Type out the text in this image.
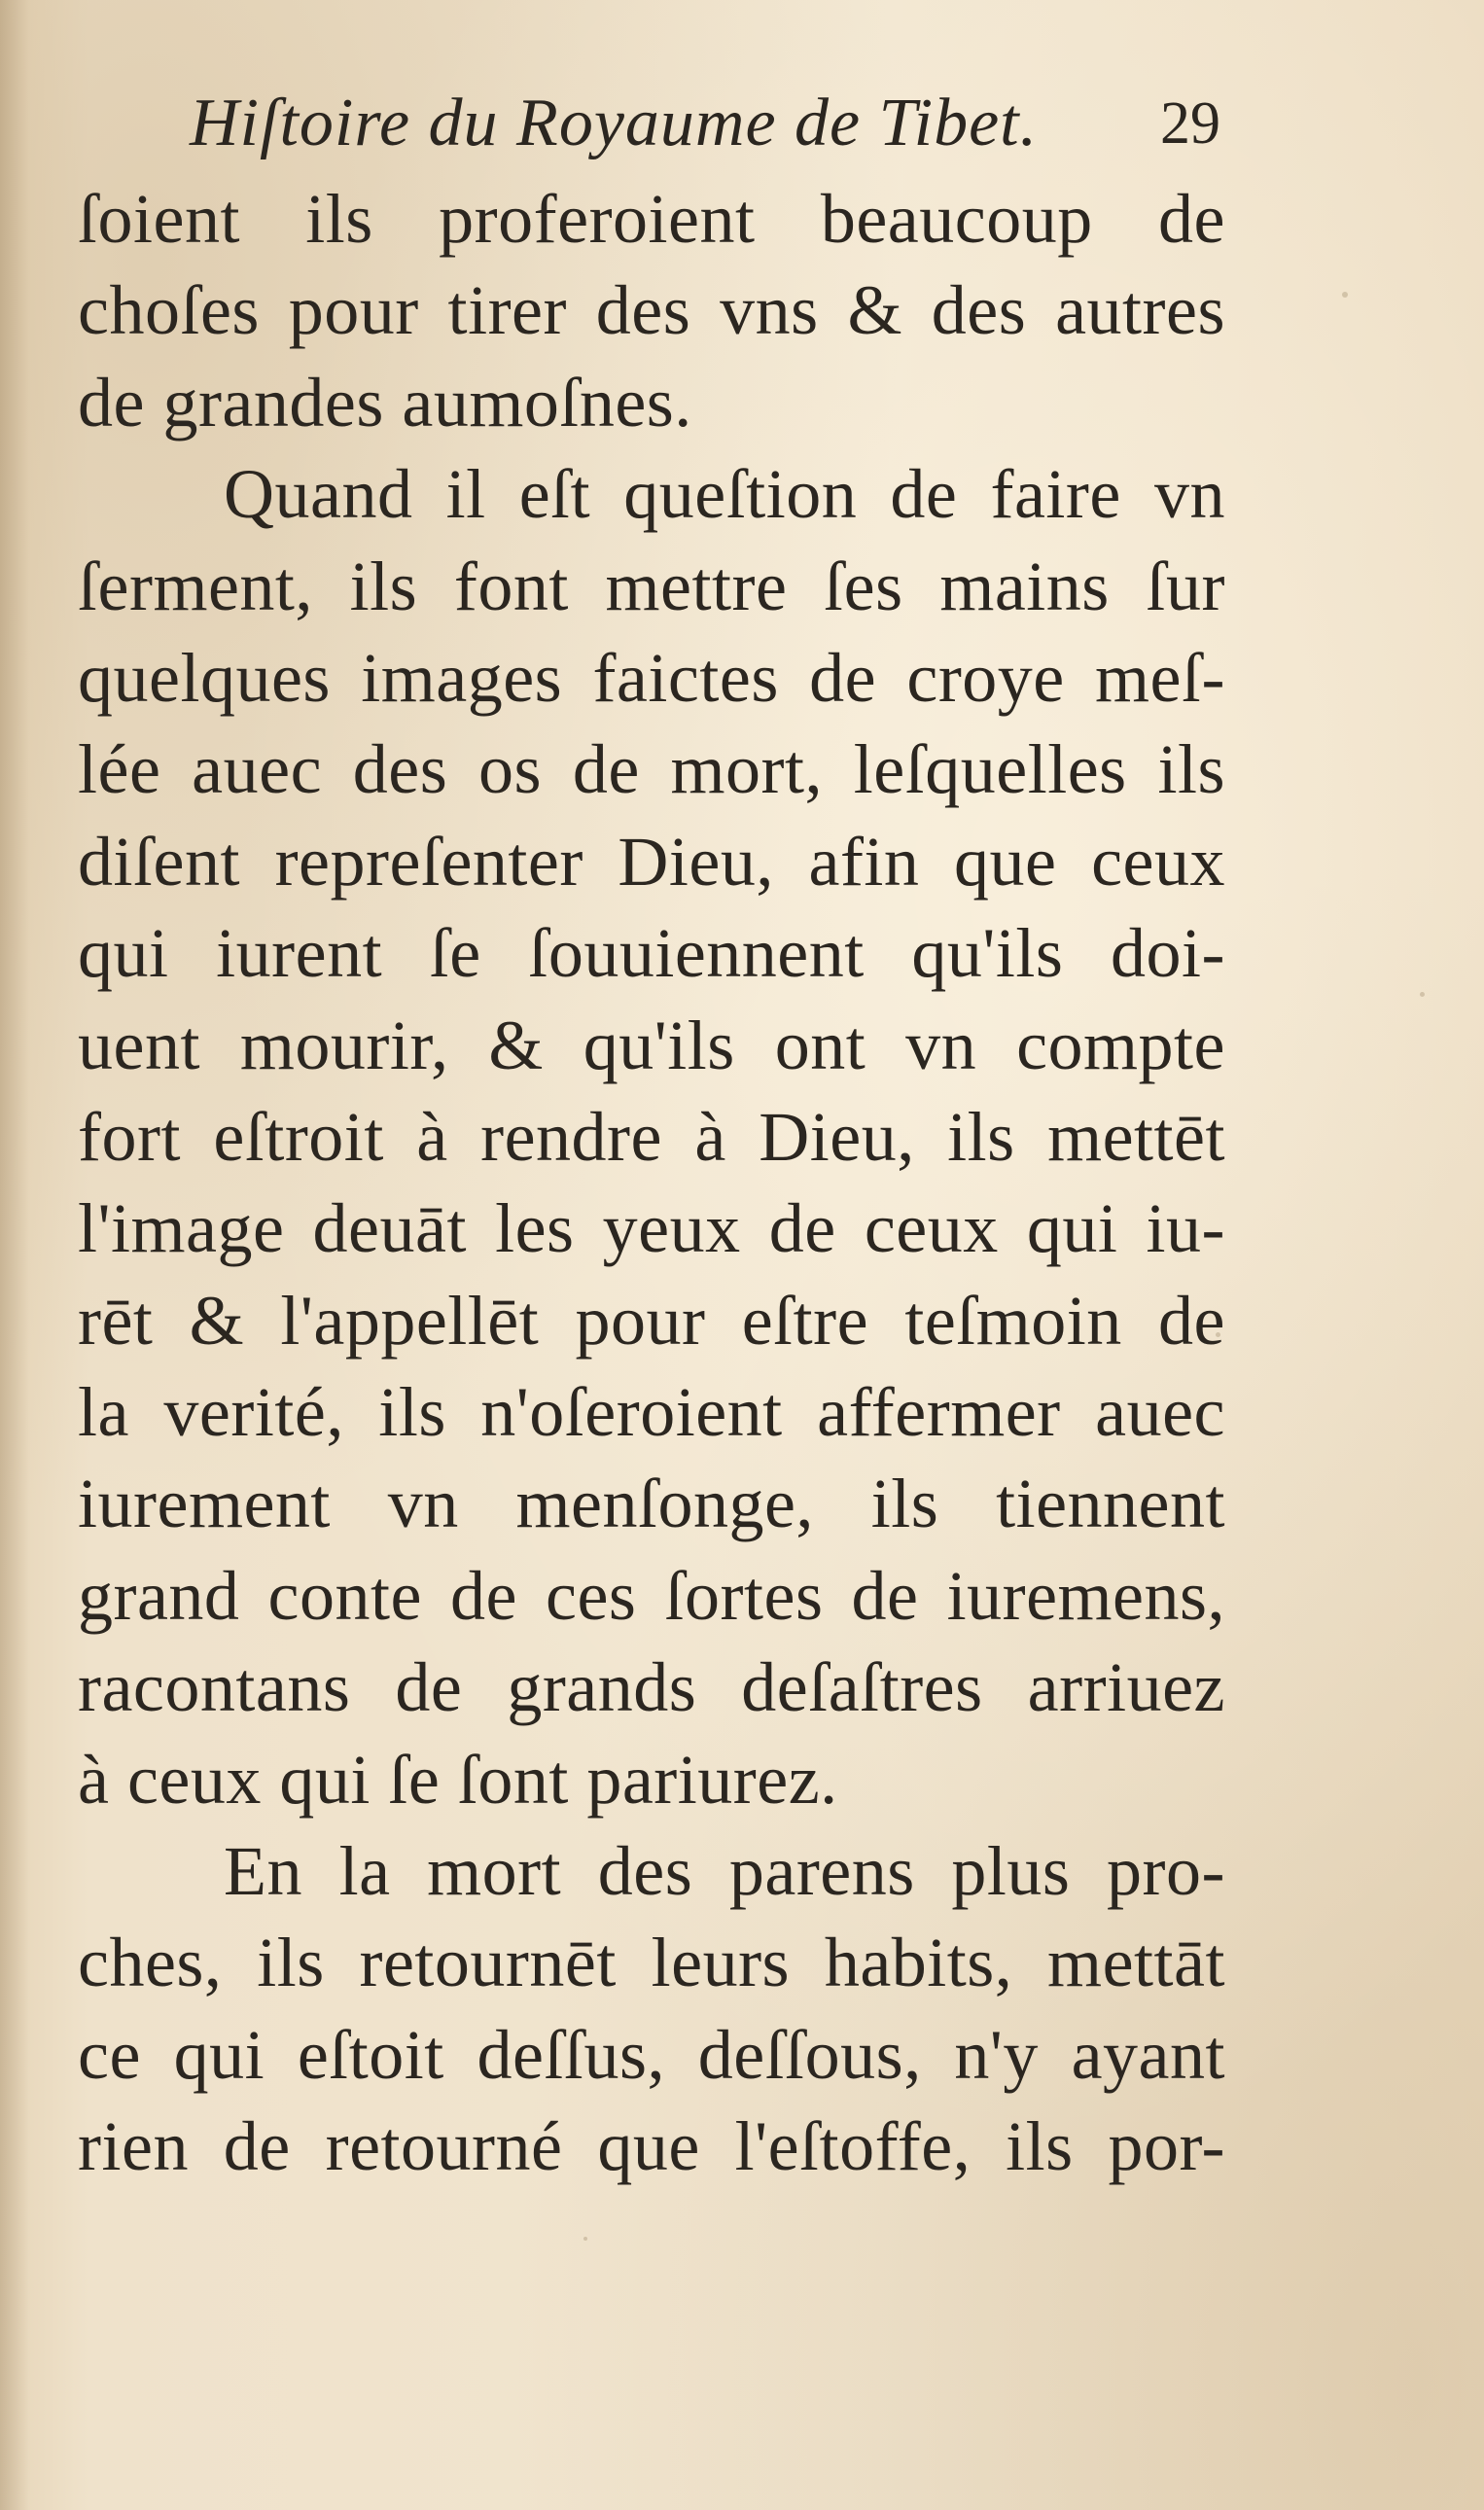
Hiſtoire du Royaume de Tibet. 29
ſoient ils proferoient beaucoup de
choſes pour tirer des vns & des autres
de grandes aumoſnes.
Quand il eſt queſtion de faire vn
ſerment, ils font mettre ſes mains ſur
quelques images faictes de croye meſ-
lée auec des os de mort, leſquelles ils
diſent repreſenter Dieu, afin que ceux
qui iurent ſe ſouuiennent qu'ils doi-
uent mourir, & qu'ils ont vn compte
fort eſtroit à rendre à Dieu, ils mettēt
l'image deuāt les yeux de ceux qui iu-
rēt & l'appellēt pour eſtre teſmoin de
la verité, ils n'oſeroient affermer auec
iurement vn menſonge, ils tiennent
grand conte de ces ſortes de iuremens,
racontans de grands deſaſtres arriuez
à ceux qui ſe ſont pariurez.
En la mort des parens plus pro-
ches, ils retournēt leurs habits, mettāt
ce qui eſtoit deſſus, deſſous, n'y ayant
rien de retourné que l'eſtoffe, ils por-
